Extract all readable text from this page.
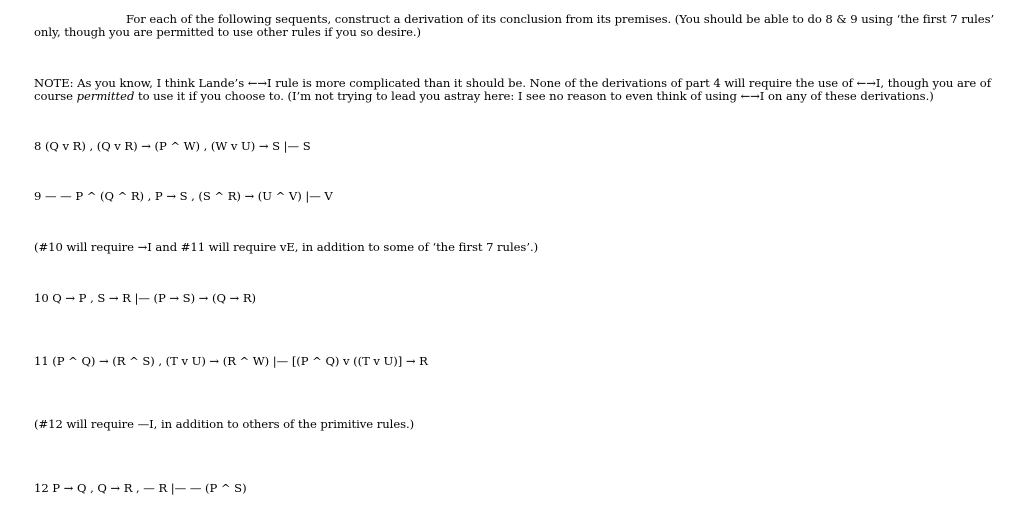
For each of the following sequents, construct a derivation of its conclusion from its premises. (You should be able to do 8 & 9 using ‘the first 7 rules’ only, though you are permitted to use other rules if you so desire.)
NOTE: As you know, I think Lande’s ←→I rule is more complicated than it should be. None of the derivations of part 4 will require the use of ←→I, though you are of course permitted to use it if you choose to. (I’m not trying to lead you astray here: I see no reason to even think of using ←→I on any of these derivations.)
8 (Q v R) , (Q v R) → (P ^ W) , (W v U) → S |— S
9 — — P ^ (Q ^ R) , P → S , (S ^ R) → (U ^ V) |— V
(#10 will require →I and #11 will require vE, in addition to some of ‘the first 7 rules’.)
10 Q → P , S → R |— (P → S) → (Q → R)
11 (P ^ Q) → (R ^ S) , (T v U) → (R ^ W) |— [(P ^ Q) v ((T v U)] → R
(#12 will require —I, in addition to others of the primitive rules.)
12 P → Q , Q → R , — R |— — (P ^ S)
